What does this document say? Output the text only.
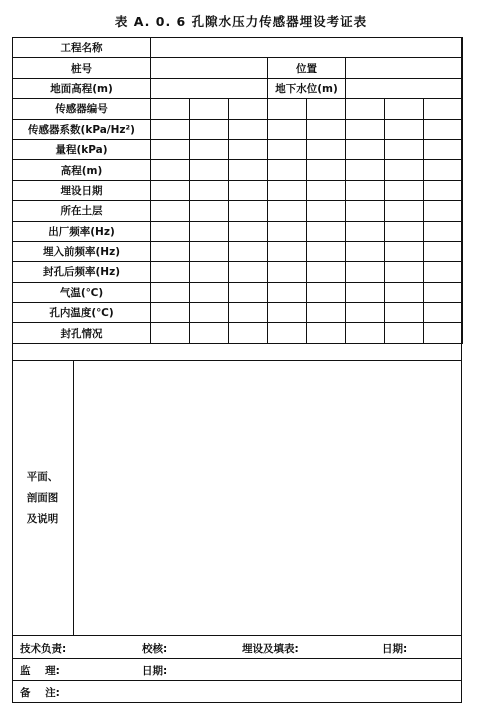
表 A. 0. 6 孔隙水压力传感器埋设考证表
工程名称								
桩号				位置				
地面高程(m)				地下水位(m)				
传感器编号								
传感器系数(kPa/Hz²)								
量程(kPa)								
高程(m)								
埋设日期								
所在土层								
出厂频率(Hz)								
埋入前频率(Hz)								
封孔后频率(Hz)								
气温(℃)								
孔内温度(℃)								
封孔情况								
平面、
剖面图
及说明
技术负责:	校核:	埋设及填表:	日期:
监    理:	日期:
备    注:
